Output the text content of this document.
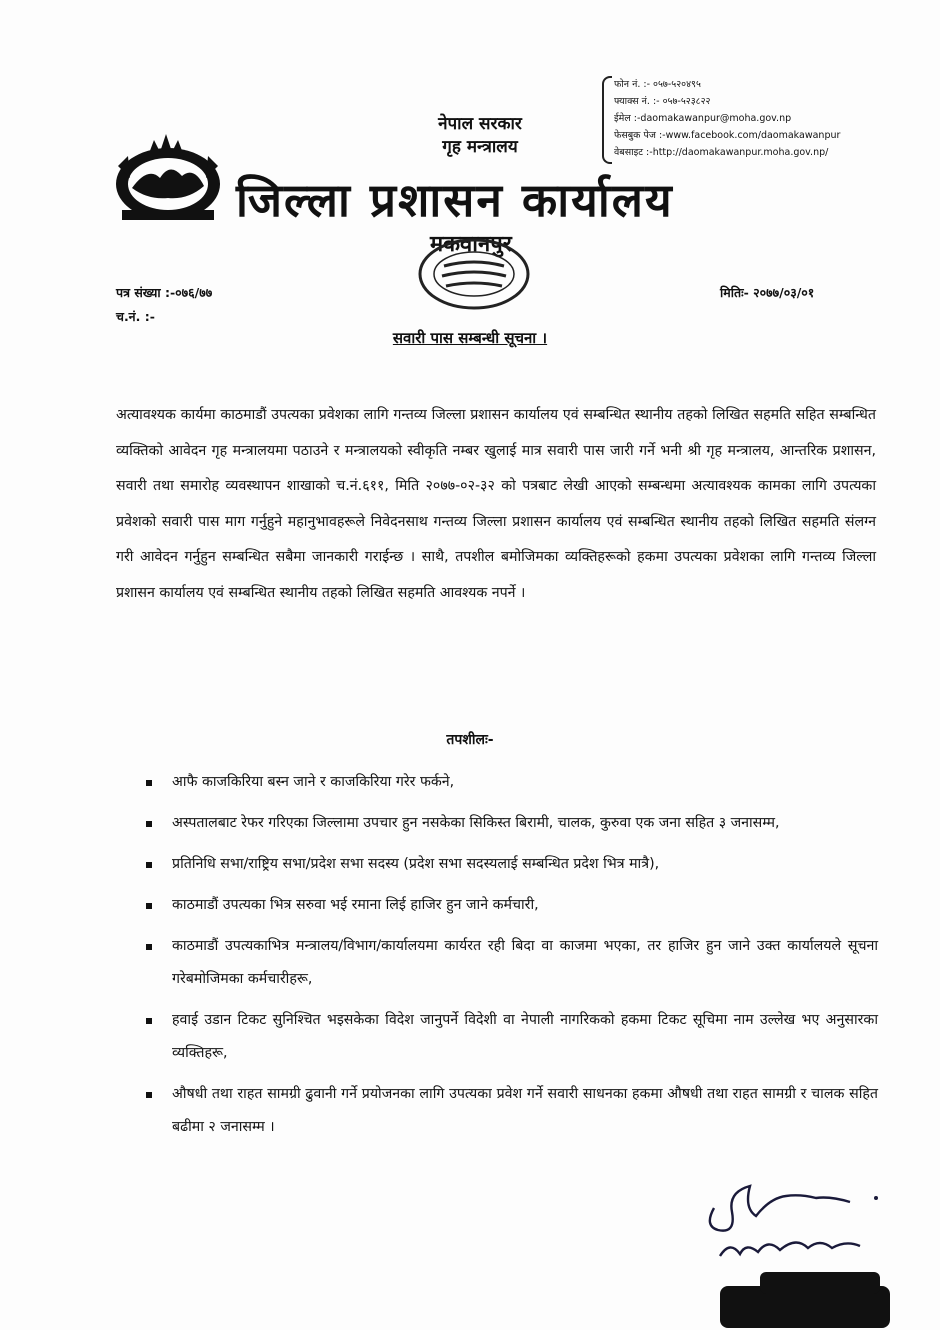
नेपाल सरकार
गृह मन्त्रालय
जिल्ला प्रशासन कार्यालय
मकवानपुर
फोन नं. :- ०५७-५२०४९५
फ्याक्स नं. :- ०५७-५२३८२२
ईमेल :-daomakawanpur@moha.gov.np
फेसबुक पेज :-www.facebook.com/daomakawanpur
वेबसाइट :-http://daomakawanpur.moha.gov.np/
पत्र संख्या :-०७६/७७
च.नं. :-
मितिः- २०७७/०३/०१
सवारी पास सम्बन्धी सूचना ।
अत्यावश्यक कार्यमा काठमाडौं उपत्यका प्रवेशका लागि गन्तव्य जिल्ला प्रशासन कार्यालय एवं सम्बन्धित स्थानीय तहको लिखित सहमति सहित सम्बन्धित व्यक्तिको आवेदन गृह मन्त्रालयमा पठाउने र मन्त्रालयको स्वीकृति नम्बर खुलाई मात्र सवारी पास जारी गर्ने भनी श्री गृह मन्त्रालय, आन्तरिक प्रशासन, सवारी तथा समारोह व्यवस्थापन शाखाको च.नं.६११, मिति २०७७-०२-३२ को पत्रबाट लेखी आएको सम्बन्धमा अत्यावश्यक कामका लागि उपत्यका प्रवेशको सवारी पास माग गर्नुहुने महानुभावहरूले निवेदनसाथ गन्तव्य जिल्ला प्रशासन कार्यालय एवं सम्बन्धित स्थानीय तहको लिखित सहमति संलग्न गरी आवेदन गर्नुहुन सम्बन्धित सबैमा जानकारी गराईन्छ । साथै, तपशील बमोजिमका व्यक्तिहरूको हकमा उपत्यका प्रवेशका लागि गन्तव्य जिल्ला प्रशासन कार्यालय एवं सम्बन्धित स्थानीय तहको लिखित सहमति आवश्यक नपर्ने ।
तपशीलः-
आफै काजकिरिया बस्न जाने र काजकिरिया गरेर फर्कने,
अस्पतालबाट रेफर गरिएका जिल्लामा उपचार हुन नसकेका सिकिस्त बिरामी, चालक, कुरुवा एक जना सहित ३ जनासम्म,
प्रतिनिधि सभा/राष्ट्रिय सभा/प्रदेश सभा सदस्य (प्रदेश सभा सदस्यलाई सम्बन्धित प्रदेश भित्र मात्रै),
काठमाडौं उपत्यका भित्र सरुवा भई रमाना लिई हाजिर हुन जाने कर्मचारी,
काठमाडौं उपत्यकाभित्र मन्त्रालय/विभाग/कार्यालयमा कार्यरत रही बिदा वा काजमा भएका, तर हाजिर हुन जाने उक्त कार्यालयले सूचना गरेबमोजिमका कर्मचारीहरू,
हवाई उडान टिकट सुनिश्चित भइसकेका विदेश जानुपर्ने विदेशी वा नेपाली नागरिकको हकमा टिकट सूचिमा नाम उल्लेख भए अनुसारका व्यक्तिहरू,
औषधी तथा राहत सामग्री ढुवानी गर्ने प्रयोजनका लागि उपत्यका प्रवेश गर्ने सवारी साधनका हकमा औषधी तथा राहत सामग्री र चालक सहित बढीमा २ जनासम्म ।
